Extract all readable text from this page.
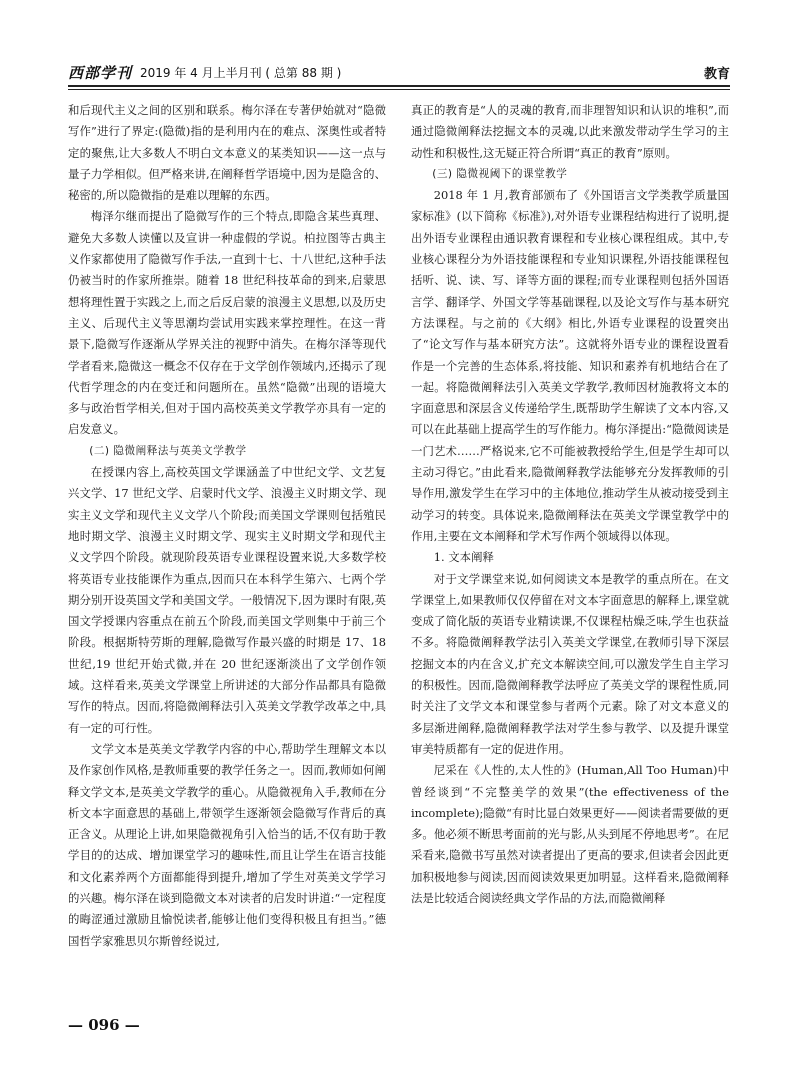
西部学刊 2019 年 4 月上半月刊 ( 总第 88 期 )	教育

和后现代主义之间的区别和联系。梅尔泽在专著伊始就对“隐微写作”进行了界定:(隐微)指的是利用内在的难点、深奥性或者特定的聚焦,让大多数人不明白文本意义的某类知识——这一点与量子力学相似。但严格来讲,在阐释哲学语境中,因为是隐含的、秘密的,所以隐微指的是难以理解的东西。

梅泽尔继而提出了隐微写作的三个特点,即隐含某些真理、避免大多数人读懂以及宣讲一种虚假的学说。柏拉图等古典主义作家都使用了隐微写作手法,一直到十七、十八世纪,这种手法仍被当时的作家所推崇。随着 18 世纪科技革命的到来,启蒙思想将理性置于实践之上,而之后反启蒙的浪漫主义思想,以及历史主义、后现代主义等思潮均尝试用实践来掌控理性。在这一背景下,隐微写作逐渐从学界关注的视野中消失。在梅尔泽等现代学者看来,隐微这一概念不仅存在于文学创作领域内,还揭示了现代哲学理念的内在变迁和问题所在。虽然“隐微”出现的语境大多与政治哲学相关,但对于国内高校英美文学教学亦具有一定的启发意义。

(二) 隐微阐释法与英美文学教学

在授课内容上,高校英国文学课涵盖了中世纪文学、文艺复兴文学、17 世纪文学、启蒙时代文学、浪漫主义时期文学、现实主义文学和现代主义文学八个阶段;而美国文学课则包括殖民地时期文学、浪漫主义时期文学、现实主义时期文学和现代主义文学四个阶段。就现阶段英语专业课程设置来说,大多数学校将英语专业技能课作为重点,因而只在本科学生第六、七两个学期分别开设英国文学和美国文学。一般情况下,因为课时有限,英国文学授课内容重点在前五个阶段,而美国文学则集中于前三个阶段。根据斯特劳斯的理解,隐微写作最兴盛的时期是 17、18 世纪,19 世纪开始式微,并在 20 世纪逐渐淡出了文学创作领域。这样看来,英美文学课堂上所讲述的大部分作品都具有隐微写作的特点。因而,将隐微阐释法引入英美文学教学改革之中,具有一定的可行性。

文学文本是英美文学教学内容的中心,帮助学生理解文本以及作家创作风格,是教师重要的教学任务之一。因而,教师如何阐释文学文本,是英美文学教学的重心。从隐微视角入手,教师在分析文本字面意思的基础上,带领学生逐渐领会隐微写作背后的真正含义。从理论上讲,如果隐微视角引入恰当的话,不仅有助于教学目的的达成、增加课堂学习的趣味性,而且让学生在语言技能和文化素养两个方面都能得到提升,增加了学生对英美文学学习的兴趣。梅尔泽在谈到隐微文本对读者的启发时讲道:“一定程度的晦涩通过激励且愉悦读者,能够让他们变得积极且有担当。”德国哲学家雅思贝尔斯曾经说过,

真正的教育是“人的灵魂的教育,而非理智知识和认识的堆积”,而通过隐微阐释法挖掘文本的灵魂,以此来激发带动学生学习的主动性和积极性,这无疑正符合所谓“真正的教育”原则。

(三) 隐微视阈下的课堂教学

2018 年 1 月,教育部颁布了《外国语言文学类教学质量国家标准》(以下简称《标准》),对外语专业课程结构进行了说明,提出外语专业课程由通识教育课程和专业核心课程组成。其中,专业核心课程分为外语技能课程和专业知识课程,外语技能课程包括听、说、读、写、译等方面的课程;而专业课程则包括外国语言学、翻译学、外国文学等基础课程,以及论文写作与基本研究方法课程。与之前的《大纲》相比,外语专业课程的设置突出了“论文写作与基本研究方法”。这就将外语专业的课程设置看作是一个完善的生态体系,将技能、知识和素养有机地结合在了一起。将隐微阐释法引入英美文学教学,教师因材施教将文本的字面意思和深层含义传递给学生,既帮助学生解读了文本内容,又可以在此基础上提高学生的写作能力。梅尔泽提出:“隐微阅读是一门艺术……严格说来,它不可能被教授给学生,但是学生却可以主动习得它。”由此看来,隐微阐释教学法能够充分发挥教师的引导作用,激发学生在学习中的主体地位,推动学生从被动接受到主动学习的转变。具体说来,隐微阐释法在英美文学课堂教学中的作用,主要在文本阐释和学术写作两个领域得以体现。

1. 文本阐释

对于文学课堂来说,如何阅读文本是教学的重点所在。在文学课堂上,如果教师仅仅停留在对文本字面意思的解释上,课堂就变成了简化版的英语专业精读课,不仅课程枯燥乏味,学生也获益不多。将隐微阐释教学法引入英美文学课堂,在教师引导下深层挖掘文本的内在含义,扩充文本解读空间,可以激发学生自主学习的积极性。因而,隐微阐释教学法呼应了英美文学的课程性质,同时关注了文学文本和课堂参与者两个元素。除了对文本意义的多层渐进阐释,隐微阐释教学法对学生参与教学、以及提升课堂审美特质都有一定的促进作用。

尼采在《人性的,太人性的》(Human,All Too Human)中曾经谈到“不完整美学的效果”(the effectiveness of the incomplete);隐微“有时比显白效果更好——阅读者需要做的更多。他必须不断思考面前的光与影,从头到尾不停地思考”。在尼采看来,隐微书写虽然对读者提出了更高的要求,但读者会因此更加积极地参与阅读,因而阅读效果更加明显。这样看来,隐微阐释法是比较适合阅读经典文学作品的方法,而隐微阐释

— 096 —
